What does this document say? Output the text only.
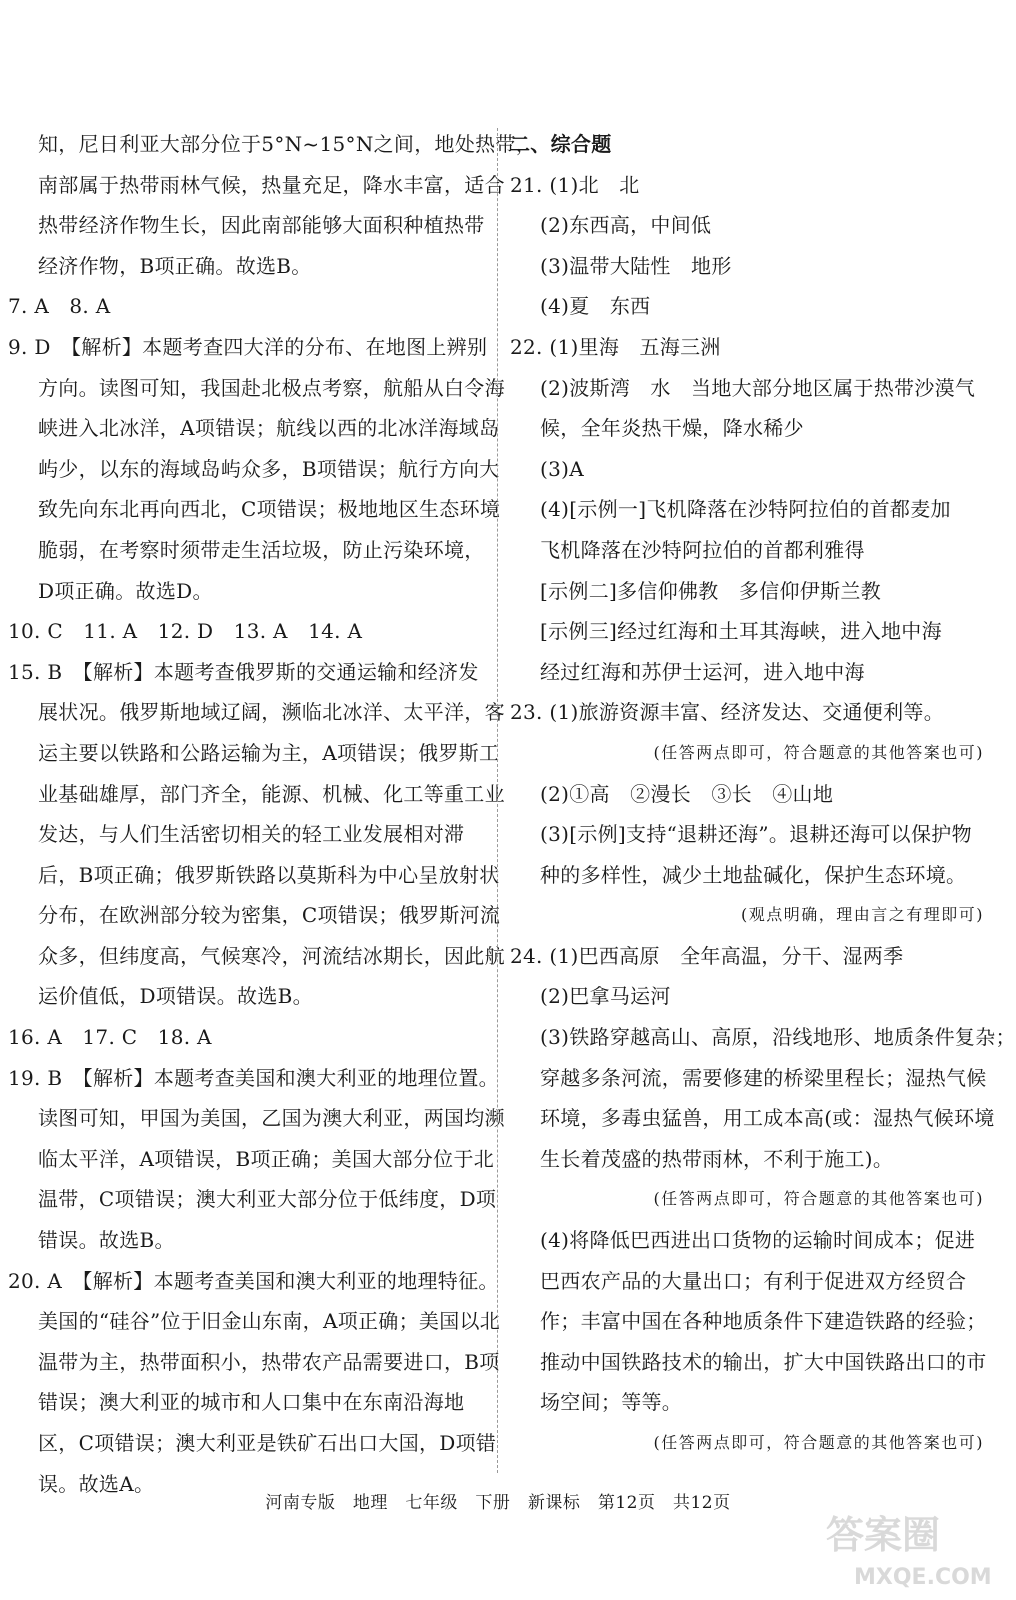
知，尼日利亚大部分位于5°N~15°N之间，地处热带，
南部属于热带雨林气候，热量充足，降水丰富，适合
热带经济作物生长，因此南部能够大面积种植热带
经济作物，B项正确。故选B。
7. A　8. A
9. D　【解析】本题考查四大洋的分布、在地图上辨别
方向。读图可知，我国赴北极点考察，航船从白令海
峡进入北冰洋，A项错误；航线以西的北冰洋海域岛
屿少，以东的海域岛屿众多，B项错误；航行方向大
致先向东北再向西北，C项错误；极地地区生态环境
脆弱，在考察时须带走生活垃圾，防止污染环境，
D项正确。故选D。
10. C　11. A　12. D　13. A　14. A
15. B　【解析】本题考查俄罗斯的交通运输和经济发
展状况。俄罗斯地域辽阔，濒临北冰洋、太平洋，客
运主要以铁路和公路运输为主，A项错误；俄罗斯工
业基础雄厚，部门齐全，能源、机械、化工等重工业
发达，与人们生活密切相关的轻工业发展相对滞
后，B项正确；俄罗斯铁路以莫斯科为中心呈放射状
分布，在欧洲部分较为密集，C项错误；俄罗斯河流
众多，但纬度高，气候寒冷，河流结冰期长，因此航
运价值低，D项错误。故选B。
16. A　17. C　18. A
19. B　【解析】本题考查美国和澳大利亚的地理位置。
读图可知，甲国为美国，乙国为澳大利亚，两国均濒
临太平洋，A项错误，B项正确；美国大部分位于北
温带，C项错误；澳大利亚大部分位于低纬度，D项
错误。故选B。
20. A　【解析】本题考查美国和澳大利亚的地理特征。
美国的“硅谷”位于旧金山东南，A项正确；美国以北
温带为主，热带面积小，热带农产品需要进口，B项
错误；澳大利亚的城市和人口集中在东南沿海地
区，C项错误；澳大利亚是铁矿石出口大国，D项错
误。故选A。
二、综合题
21. (1)北　北
(2)东西高，中间低
(3)温带大陆性　地形
(4)夏　东西
22. (1)里海　五海三洲
(2)波斯湾　水　当地大部分地区属于热带沙漠气
候，全年炎热干燥，降水稀少
(3)A
(4)[示例一]飞机降落在沙特阿拉伯的首都麦加
飞机降落在沙特阿拉伯的首都利雅得
[示例二]多信仰佛教　多信仰伊斯兰教
[示例三]经过红海和土耳其海峡，进入地中海
经过红海和苏伊士运河，进入地中海
23. (1)旅游资源丰富、经济发达、交通便利等。
(任答两点即可，符合题意的其他答案也可)
(2)①高　②漫长　③长　④山地
(3)[示例]支持“退耕还海”。退耕还海可以保护物
种的多样性，减少土地盐碱化，保护生态环境。
(观点明确，理由言之有理即可)
24. (1)巴西高原　全年高温，分干、湿两季
(2)巴拿马运河
(3)铁路穿越高山、高原，沿线地形、地质条件复杂；
穿越多条河流，需要修建的桥梁里程长；湿热气候
环境，多毒虫猛兽，用工成本高(或：湿热气候环境
生长着茂盛的热带雨林，不利于施工)。
(任答两点即可，符合题意的其他答案也可)
(4)将降低巴西进出口货物的运输时间成本；促进
巴西农产品的大量出口；有利于促进双方经贸合
作；丰富中国在各种地质条件下建造铁路的经验；
推动中国铁路技术的输出，扩大中国铁路出口的市
场空间；等等。
(任答两点即可，符合题意的其他答案也可)
河南专版　地理　七年级　下册　新课标　第12页　共12页
答案圈
MXQE.COM
